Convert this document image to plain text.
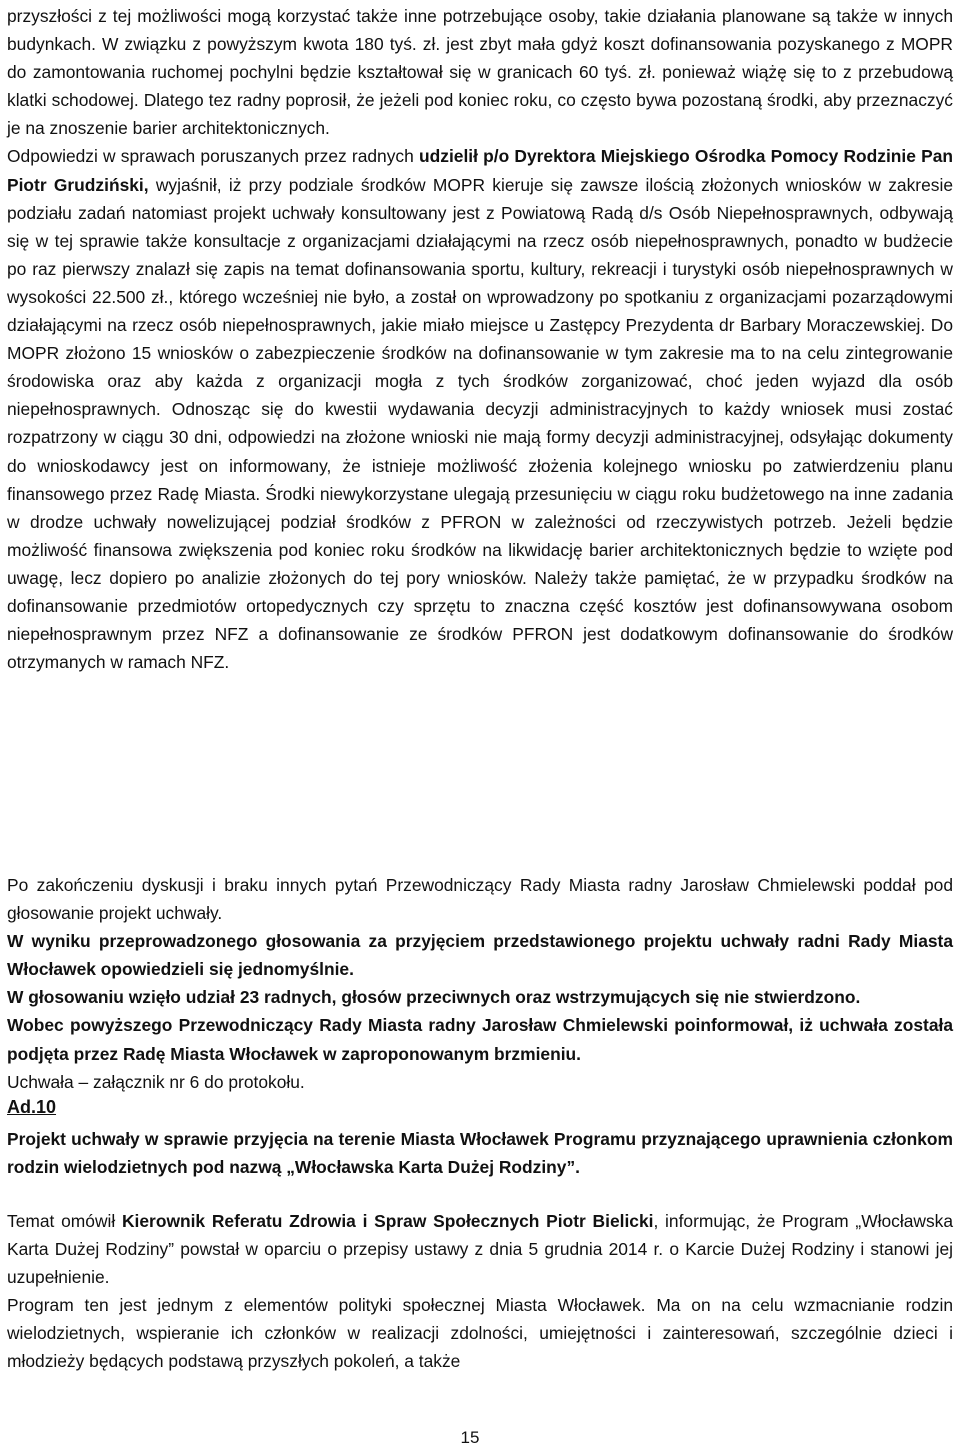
przyszłości z tej możliwości mogą korzystać także inne potrzebujące osoby, takie działania planowane są także w innych budynkach. W związku z powyższym kwota 180 tyś. zł. jest zbyt mała gdyż koszt dofinansowania pozyskanego z MOPR do zamontowania ruchomej pochylni będzie kształtował się w granicach 60 tyś. zł. ponieważ wiążę się to z przebudową klatki schodowej. Dlatego tez radny poprosił, że jeżeli pod koniec roku, co często bywa pozostaną środki, aby przeznaczyć je na znoszenie barier architektonicznych.

Odpowiedzi w sprawach poruszanych przez radnych udzielił p/o Dyrektora Miejskiego Ośrodka Pomocy Rodzinie Pan Piotr Grudziński, wyjaśnił, iż przy podziale środków MOPR kieruje się zawsze ilością złożonych wniosków w zakresie podziału zadań natomiast projekt uchwały konsultowany jest z Powiatową Radą d/s Osób Niepełnosprawnych, odbywają się w tej sprawie także konsultacje z organizacjami działającymi na rzecz osób niepełnosprawnych, ponadto w budżecie po raz pierwszy znalazł się zapis na temat dofinansowania sportu, kultury, rekreacji i turystyki osób niepełnosprawnych w wysokości 22.500 zł., którego wcześniej nie było, a został on wprowadzony po spotkaniu z organizacjami pozarządowymi działającymi na rzecz osób niepełnosprawnych, jakie miało miejsce u Zastępcy Prezydenta dr Barbary Moraczewskiej. Do MOPR złożono 15 wniosków o zabezpieczenie środków na dofinansowanie w tym zakresie ma to na celu zintegrowanie środowiska oraz aby każda z organizacji mogła z tych środków zorganizować, choć jeden wyjazd dla osób niepełnosprawnych. Odnosząc się do kwestii wydawania decyzji administracyjnych to każdy wniosek musi zostać rozpatrzony w ciągu 30 dni, odpowiedzi na złożone wnioski nie mają formy decyzji administracyjnej, odsyłając dokumenty do wnioskodawcy jest on informowany, że istnieje możliwość złożenia kolejnego wniosku po zatwierdzeniu planu finansowego przez Radę Miasta. Środki niewykorzystane ulegają przesunięciu w ciągu roku budżetowego na inne zadania w drodze uchwały nowelizującej podział środków z PFRON w zależności od rzeczywistych potrzeb. Jeżeli będzie możliwość finansowa zwiększenia pod koniec roku środków na likwidację barier architektonicznych będzie to wzięte pod uwagę, lecz dopiero po analizie złożonych do tej pory wniosków. Należy także pamiętać, że w przypadku środków na dofinansowanie przedmiotów ortopedycznych czy sprzętu to znaczna część kosztów jest dofinansowywana osobom niepełnosprawnym przez NFZ a dofinansowanie ze środków PFRON jest dodatkowym dofinansowanie do środków otrzymanych w ramach NFZ.

Po zakończeniu dyskusji i braku innych pytań Przewodniczący Rady Miasta radny Jarosław Chmielewski poddał pod głosowanie projekt uchwały.

W wyniku przeprowadzonego głosowania za przyjęciem przedstawionego projektu uchwały radni Rady Miasta Włocławek opowiedzieli się jednomyślnie.

W głosowaniu wzięło udział 23 radnych, głosów przeciwnych oraz wstrzymujących się nie stwierdzono.

Wobec powyższego Przewodniczący Rady Miasta radny Jarosław Chmielewski poinformował, iż uchwała została podjęta przez Radę Miasta Włocławek w zaproponowanym brzmieniu.

Uchwała – załącznik nr 6 do protokołu.

Ad.10

Projekt uchwały w sprawie przyjęcia na terenie Miasta Włocławek Programu przyznającego uprawnienia członkom rodzin wielodzietnych pod nazwą „Włocławska Karta Dużej Rodziny”.

Temat omówił Kierownik Referatu Zdrowia i Spraw Społecznych Piotr Bielicki, informując, że Program „Włocławska Karta Dużej Rodziny” powstał w oparciu o przepisy ustawy z dnia 5 grudnia 2014 r. o Karcie Dużej Rodziny i stanowi jej uzupełnienie.

Program ten jest jednym z elementów polityki społecznej Miasta Włocławek. Ma on na celu wzmacnianie rodzin wielodzietnych, wspieranie ich członków w realizacji zdolności, umiejętności i zainteresowań, szczególnie dzieci i młodzieży będących podstawą przyszłych pokoleń, a także

15
